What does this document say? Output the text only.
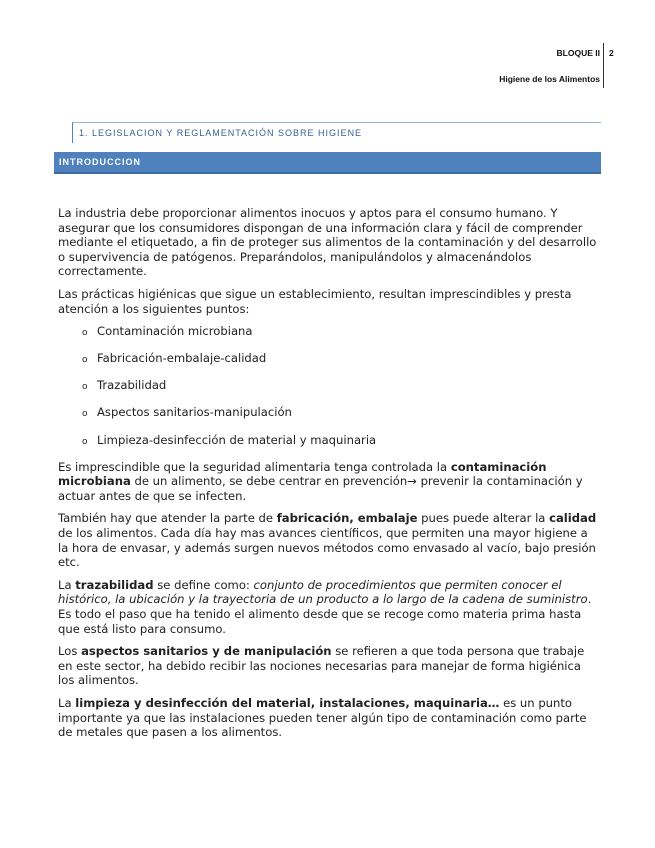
BLOQUE II 2
Higiene de los Alimentos
1. LEGISLACION Y REGLAMENTACIÓN SOBRE HIGIENE
INTRODUCCION

La industria debe proporcionar alimentos inocuos y aptos para el consumo humano. Y asegurar que los consumidores dispongan de una información clara y fácil de comprender mediante el etiquetado, a fin de proteger sus alimentos de la contaminación y del desarrollo o supervivencia de patógenos. Preparándolos, manipulándolos y almacenándolos correctamente.

Las prácticas higiénicas que sigue un establecimiento, resultan imprescindibles y presta atención a los siguientes puntos:

o Contaminación microbiana
o Fabricación-embalaje-calidad
o Trazabilidad
o Aspectos sanitarios-manipulación
o Limpieza-desinfección de material y maquinaria

Es imprescindible que la seguridad alimentaria tenga controlada la contaminación microbiana de un alimento, se debe centrar en prevención→ prevenir la contaminación y actuar antes de que se infecten.

También hay que atender la parte de fabricación, embalaje pues puede alterar la calidad de los alimentos. Cada día hay mas avances científicos, que permiten una mayor higiene a la hora de envasar, y además surgen nuevos métodos como envasado al vacío, bajo presión etc.

La trazabilidad se define como: conjunto de procedimientos que permiten conocer el histórico, la ubicación y la trayectoria de un producto a lo largo de la cadena de suministro. Es todo el paso que ha tenido el alimento desde que se recoge como materia prima hasta que está listo para consumo.

Los aspectos sanitarios y de manipulación se refieren a que toda persona que trabaje en este sector, ha debido recibir las nociones necesarias para manejar de forma higiénica los alimentos.

La limpieza y desinfección del material, instalaciones, maquinaria… es un punto importante ya que las instalaciones pueden tener algún tipo de contaminación como parte de metales que pasen a los alimentos.
